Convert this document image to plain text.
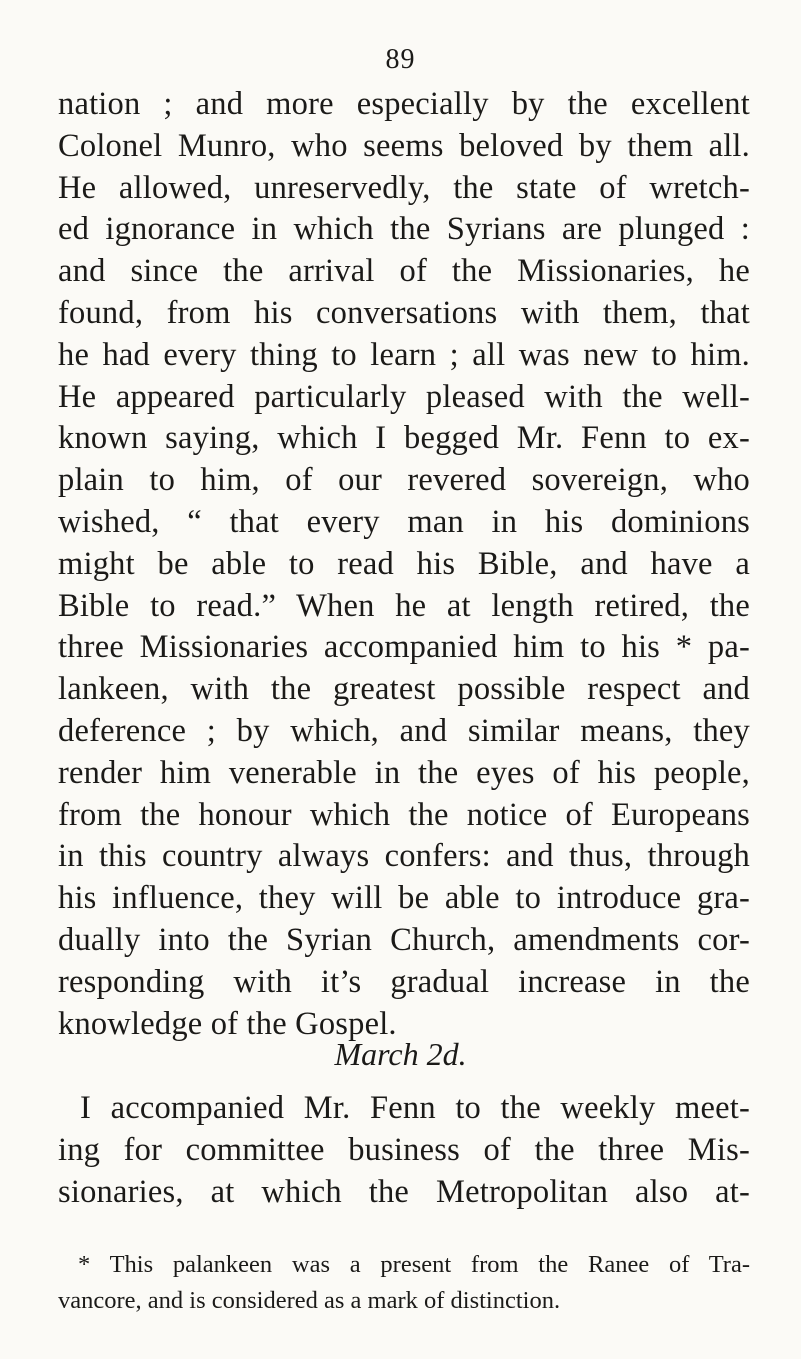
89
nation ; and more especially by the excellent
Colonel Munro, who seems beloved by them all.
He allowed, unreservedly, the state of wretch-
ed ignorance in which the Syrians are plunged :
and since the arrival of the Missionaries, he
found, from his conversations with them, that
he had every thing to learn ; all was new to him.
He appeared particularly pleased with the well-
known saying, which I begged Mr. Fenn to ex-
plain to him, of our revered sovereign, who
wished, “ that every man in his dominions
might be able to read his Bible, and have a
Bible to read.” When he at length retired, the
three Missionaries accompanied him to his * pa-
lankeen, with the greatest possible respect and
deference ; by which, and similar means, they
render him venerable in the eyes of his people,
from the honour which the notice of Europeans
in this country always confers: and thus, through
his influence, they will be able to introduce gra-
dually into the Syrian Church, amendments cor-
responding with it’s gradual increase in the
knowledge of the Gospel.
March 2d.
I accompanied Mr. Fenn to the weekly meet-
ing for committee business of the three Mis-
sionaries, at which the Metropolitan also at-
* This palankeen was a present from the Ranee of Tra-
vancore, and is considered as a mark of distinction.
